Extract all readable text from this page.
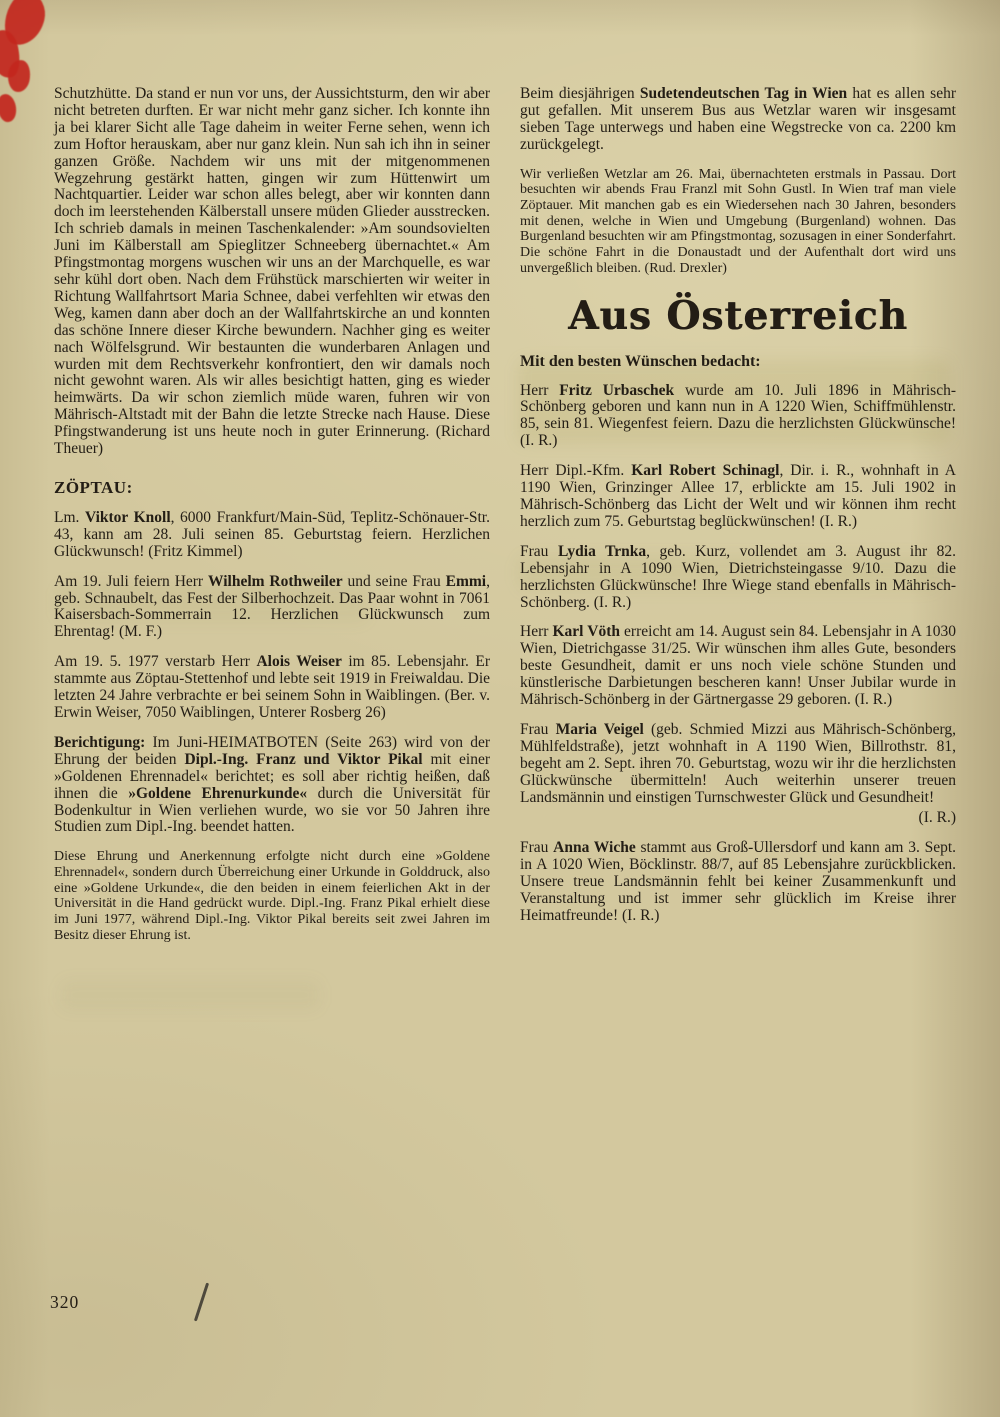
Schutzhütte. Da stand er nun vor uns, der Aussichtsturm, den wir aber nicht betreten durften. Er war nicht mehr ganz sicher. Ich konnte ihn ja bei klarer Sicht alle Tage daheim in weiter Ferne sehen, wenn ich zum Hoftor herauskam, aber nur ganz klein. Nun sah ich ihn in seiner ganzen Größe. Nachdem wir uns mit der mitgenommenen Wegzehrung gestärkt hatten, gingen wir zum Hüttenwirt um Nachtquartier. Leider war schon alles belegt, aber wir konnten dann doch im leerstehenden Kälberstall unsere müden Glieder ausstrecken. Ich schrieb damals in meinen Taschenkalender: »Am soundsovielten Juni im Kälberstall am Spieglitzer Schneeberg übernachtet.« Am Pfingstmontag morgens wuschen wir uns an der Marchquelle, es war sehr kühl dort oben. Nach dem Frühstück marschierten wir weiter in Richtung Wallfahrtsort Maria Schnee, dabei verfehlten wir etwas den Weg, kamen dann aber doch an der Wallfahrtskirche an und konnten das schöne Innere dieser Kirche bewundern. Nachher ging es weiter nach Wölfelsgrund. Wir bestaunten die wunderbaren Anlagen und wurden mit dem Rechtsverkehr konfrontiert, den wir damals noch nicht gewohnt waren. Als wir alles besichtigt hatten, ging es wieder heimwärts. Da wir schon ziemlich müde waren, fuhren wir von Mährisch-Altstadt mit der Bahn die letzte Strecke nach Hause. Diese Pfingstwanderung ist uns heute noch in guter Erinnerung. (Richard Theuer)

ZÖPTAU:

Lm. Viktor Knoll, 6000 Frankfurt/Main-Süd, Teplitz-Schönauer-Str. 43, kann am 28. Juli seinen 85. Geburtstag feiern. Herzlichen Glückwunsch! (Fritz Kimmel)

Am 19. Juli feiern Herr Wilhelm Rothweiler und seine Frau Emmi, geb. Schnaubelt, das Fest der Silberhochzeit. Das Paar wohnt in 7061 Kaisersbach-Sommerrain 12. Herzlichen Glückwunsch zum Ehrentag! (M. F.)

Am 19. 5. 1977 verstarb Herr Alois Weiser im 85. Lebensjahr. Er stammte aus Zöptau-Stettenhof und lebte seit 1919 in Freiwaldau. Die letzten 24 Jahre verbrachte er bei seinem Sohn in Waiblingen. (Ber. v. Erwin Weiser, 7050 Waiblingen, Unterer Rosberg 26)

Berichtigung: Im Juni-HEIMATBOTEN (Seite 263) wird von der Ehrung der beiden Dipl.-Ing. Franz und Viktor Pikal mit einer »Goldenen Ehrennadel« berichtet; es soll aber richtig heißen, daß ihnen die »Goldene Ehrenurkunde« durch die Universität für Bodenkultur in Wien verliehen wurde, wo sie vor 50 Jahren ihre Studien zum Dipl.-Ing. beendet hatten.

Diese Ehrung und Anerkennung erfolgte nicht durch eine »Goldene Ehrennadel«, sondern durch Überreichung einer Urkunde in Golddruck, also eine »Goldene Urkunde«, die den beiden in einem feierlichen Akt in der Universität in die Hand gedrückt wurde. Dipl.-Ing. Franz Pikal erhielt diese im Juni 1977, während Dipl.-Ing. Viktor Pikal bereits seit zwei Jahren im Besitz dieser Ehrung ist.

Beim diesjährigen Sudetendeutschen Tag in Wien hat es allen sehr gut gefallen. Mit unserem Bus aus Wetzlar waren wir insgesamt sieben Tage unterwegs und haben eine Wegstrecke von ca. 2200 km zurückgelegt.

Wir verließen Wetzlar am 26. Mai, übernachteten erstmals in Passau. Dort besuchten wir abends Frau Franzl mit Sohn Gustl. In Wien traf man viele Zöptauer. Mit manchen gab es ein Wiedersehen nach 30 Jahren, besonders mit denen, welche in Wien und Umgebung (Burgenland) wohnen. Das Burgenland besuchten wir am Pfingstmontag, sozusagen in einer Sonderfahrt. Die schöne Fahrt in die Donaustadt und der Aufenthalt dort wird uns unvergeßlich bleiben. (Rud. Drexler)

Aus Österreich

Mit den besten Wünschen bedacht:

Herr Fritz Urbaschek wurde am 10. Juli 1896 in Mährisch-Schönberg geboren und kann nun in A 1220 Wien, Schiffmühlenstr. 85, sein 81. Wiegenfest feiern. Dazu die herzlichsten Glückwünsche! (I. R.)

Herr Dipl.-Kfm. Karl Robert Schinagl, Dir. i. R., wohnhaft in A 1190 Wien, Grinzinger Allee 17, erblickte am 15. Juli 1902 in Mährisch-Schönberg das Licht der Welt und wir können ihm recht herzlich zum 75. Geburtstag beglückwünschen! (I. R.)

Frau Lydia Trnka, geb. Kurz, vollendet am 3. August ihr 82. Lebensjahr in A 1090 Wien, Dietrichsteingasse 9/10. Dazu die herzlichsten Glückwünsche! Ihre Wiege stand ebenfalls in Mährisch-Schönberg. (I. R.)

Herr Karl Vöth erreicht am 14. August sein 84. Lebensjahr in A 1030 Wien, Dietrichgasse 31/25. Wir wünschen ihm alles Gute, besonders beste Gesundheit, damit er uns noch viele schöne Stunden und künstlerische Darbietungen bescheren kann! Unser Jubilar wurde in Mährisch-Schönberg in der Gärtnergasse 29 geboren. (I. R.)

Frau Maria Veigel (geb. Schmied Mizzi aus Mährisch-Schönberg, Mühlfeldstraße), jetzt wohnhaft in A 1190 Wien, Billrothstr. 81, begeht am 2. Sept. ihren 70. Geburtstag, wozu wir ihr die herzlichsten Glückwünsche übermitteln! Auch weiterhin unserer treuen Landsmännin und einstigen Turnschwester Glück und Gesundheit!

(I. R.)

Frau Anna Wiche stammt aus Groß-Ullersdorf und kann am 3. Sept. in A 1020 Wien, Böcklinstr. 88/7, auf 85 Lebensjahre zurückblicken. Unsere treue Landsmännin fehlt bei keiner Zusammenkunft und Veranstaltung und ist immer sehr glücklich im Kreise ihrer Heimatfreunde! (I. R.)

320
